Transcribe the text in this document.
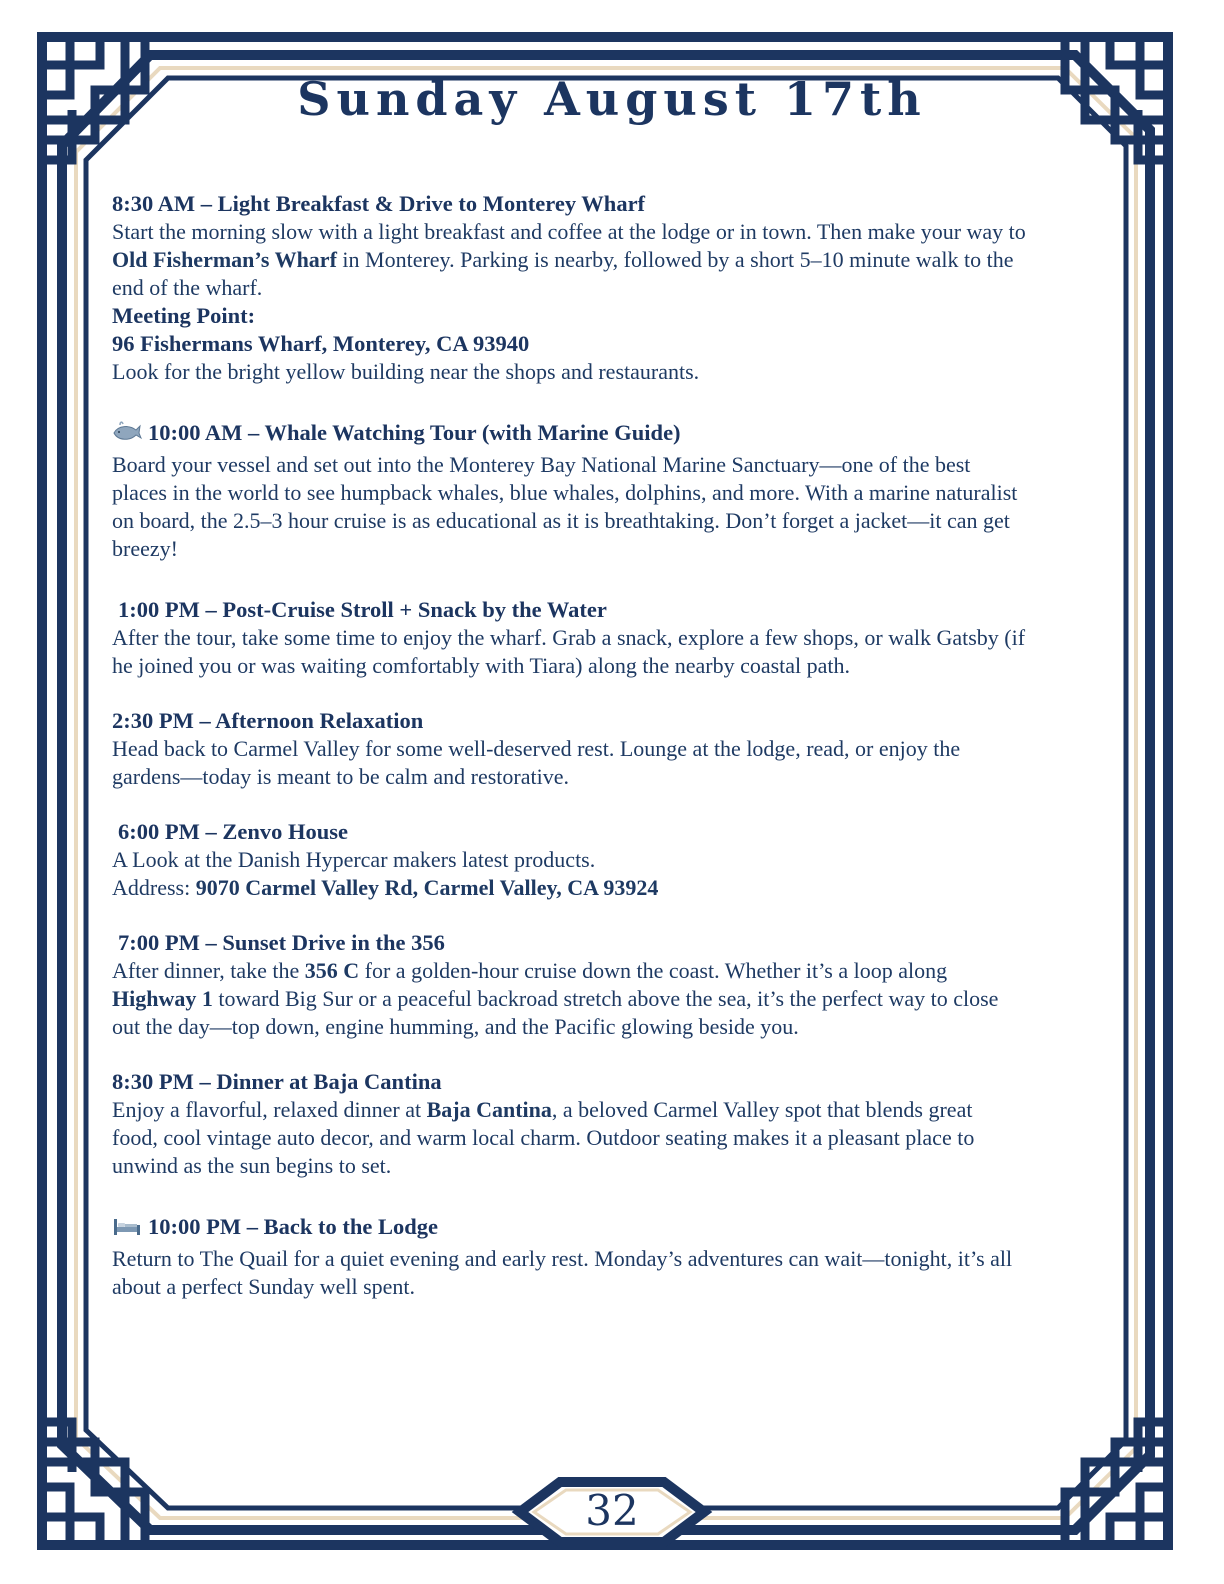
Sunday August 17th

8:30 AM – Light Breakfast & Drive to Monterey Wharf

Start the morning slow with a light breakfast and coffee at the lodge or in town. Then make your way to

Old Fisherman’s Wharf in Monterey. Parking is nearby, followed by a short 5–10 minute walk to the

end of the wharf.

Meeting Point:

96 Fishermans Wharf, Monterey, CA 93940

Look for the bright yellow building near the shops and restaurants.

10:00 AM – Whale Watching Tour (with Marine Guide)

Board your vessel and set out into the Monterey Bay National Marine Sanctuary—one of the best

places in the world to see humpback whales, blue whales, dolphins, and more. With a marine naturalist

on board, the 2.5–3 hour cruise is as educational as it is breathtaking. Don’t forget a jacket—it can get

breezy!

1:00 PM – Post-Cruise Stroll + Snack by the Water

After the tour, take some time to enjoy the wharf. Grab a snack, explore a few shops, or walk Gatsby (if

he joined you or was waiting comfortably with Tiara) along the nearby coastal path.

2:30 PM – Afternoon Relaxation

Head back to Carmel Valley for some well-deserved rest. Lounge at the lodge, read, or enjoy the

gardens—today is meant to be calm and restorative.

6:00 PM – Zenvo House

A Look at the Danish Hypercar makers latest products.

Address: 9070 Carmel Valley Rd, Carmel Valley, CA 93924

7:00 PM – Sunset Drive in the 356

After dinner, take the 356 C for a golden-hour cruise down the coast. Whether it’s a loop along

Highway 1 toward Big Sur or a peaceful backroad stretch above the sea, it’s the perfect way to close

out the day—top down, engine humming, and the Pacific glowing beside you.

8:30 PM – Dinner at Baja Cantina

Enjoy a flavorful, relaxed dinner at Baja Cantina, a beloved Carmel Valley spot that blends great

food, cool vintage auto decor, and warm local charm. Outdoor seating makes it a pleasant place to

unwind as the sun begins to set.

10:00 PM – Back to the Lodge

Return to The Quail for a quiet evening and early rest. Monday’s adventures can wait—tonight, it’s all

about a perfect Sunday well spent.

32
